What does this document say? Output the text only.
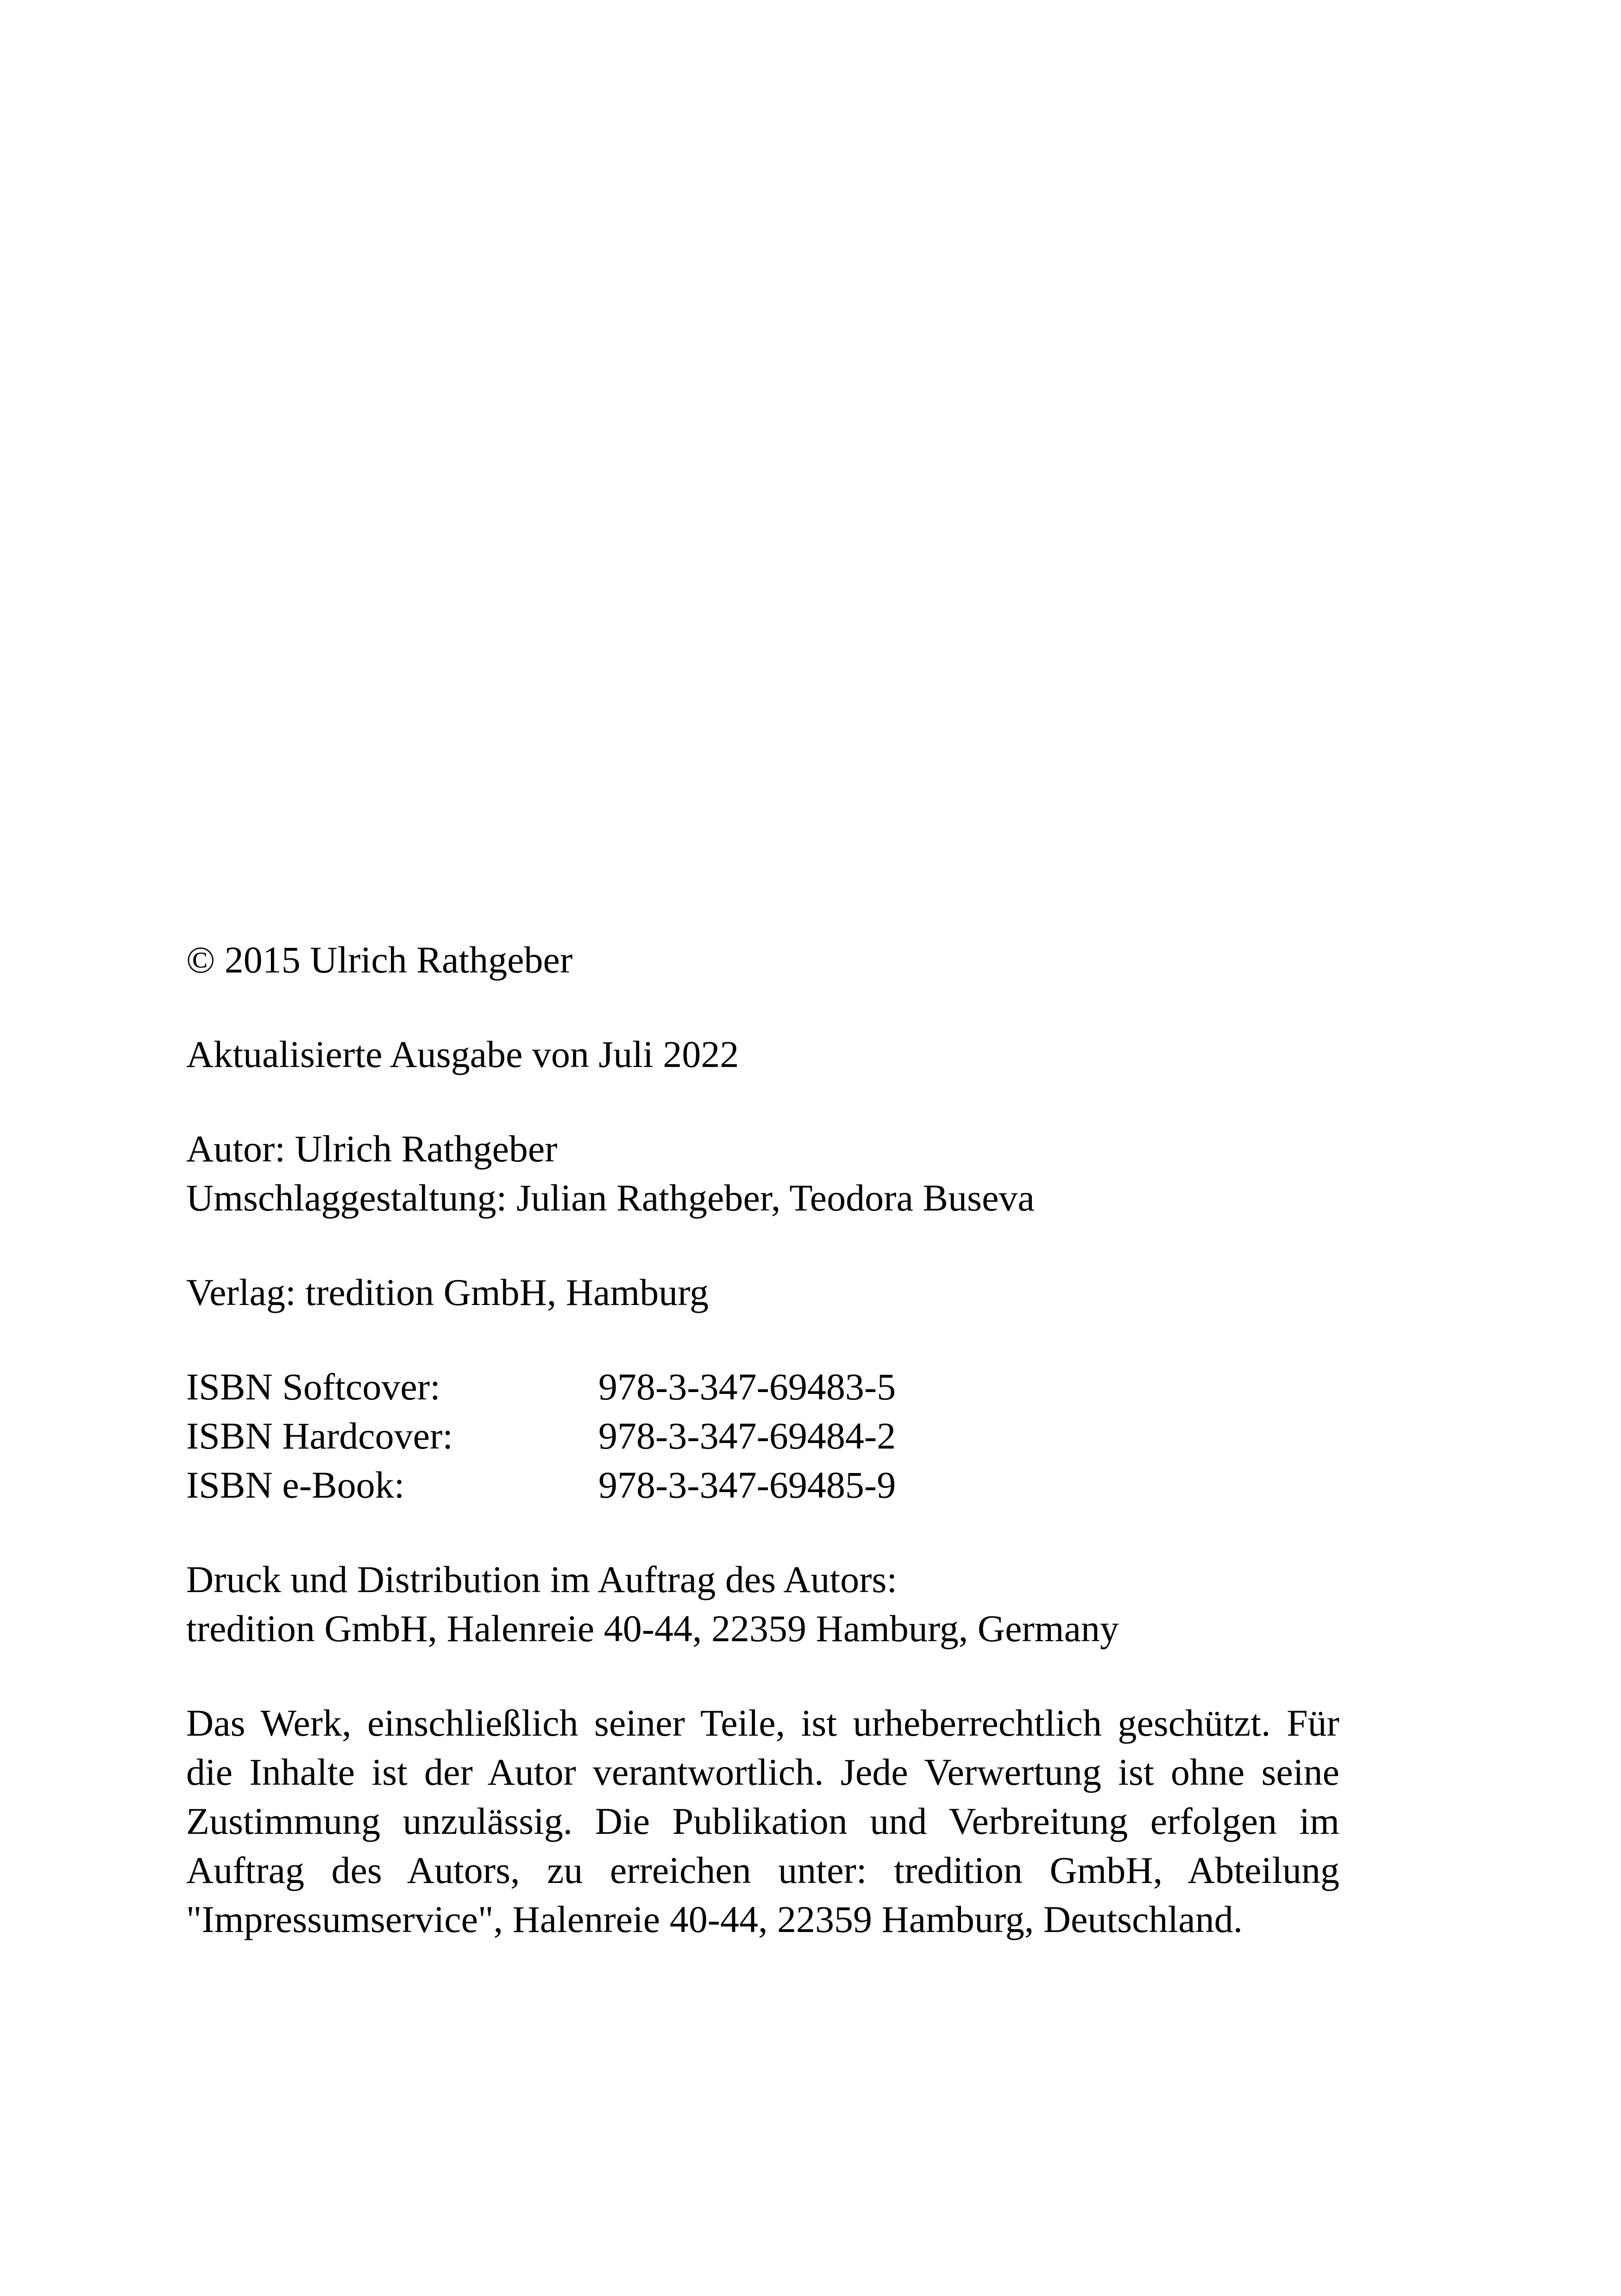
© 2015 Ulrich Rathgeber
Aktualisierte Ausgabe von Juli 2022
Autor: Ulrich Rathgeber
Umschlaggestaltung: Julian Rathgeber, Teodora Buseva
Verlag: tredition GmbH, Hamburg
ISBN Softcover:	978-3-347-69483-5
ISBN Hardcover:	978-3-347-69484-2
ISBN e-Book:	978-3-347-69485-9
Druck und Distribution im Auftrag des Autors:
tredition GmbH, Halenreie 40-44, 22359 Hamburg, Germany

Das Werk, einschließlich seiner Teile, ist urheberrechtlich geschützt. Für die Inhalte ist der Autor verantwortlich. Jede Verwertung ist ohne seine Zustimmung unzulässig. Die Publikation und Verbreitung erfolgen im Auftrag des Autors, zu erreichen unter: tredition GmbH, Abteilung "Impressumservice", Halenreie 40-44, 22359 Hamburg, Deutschland.
